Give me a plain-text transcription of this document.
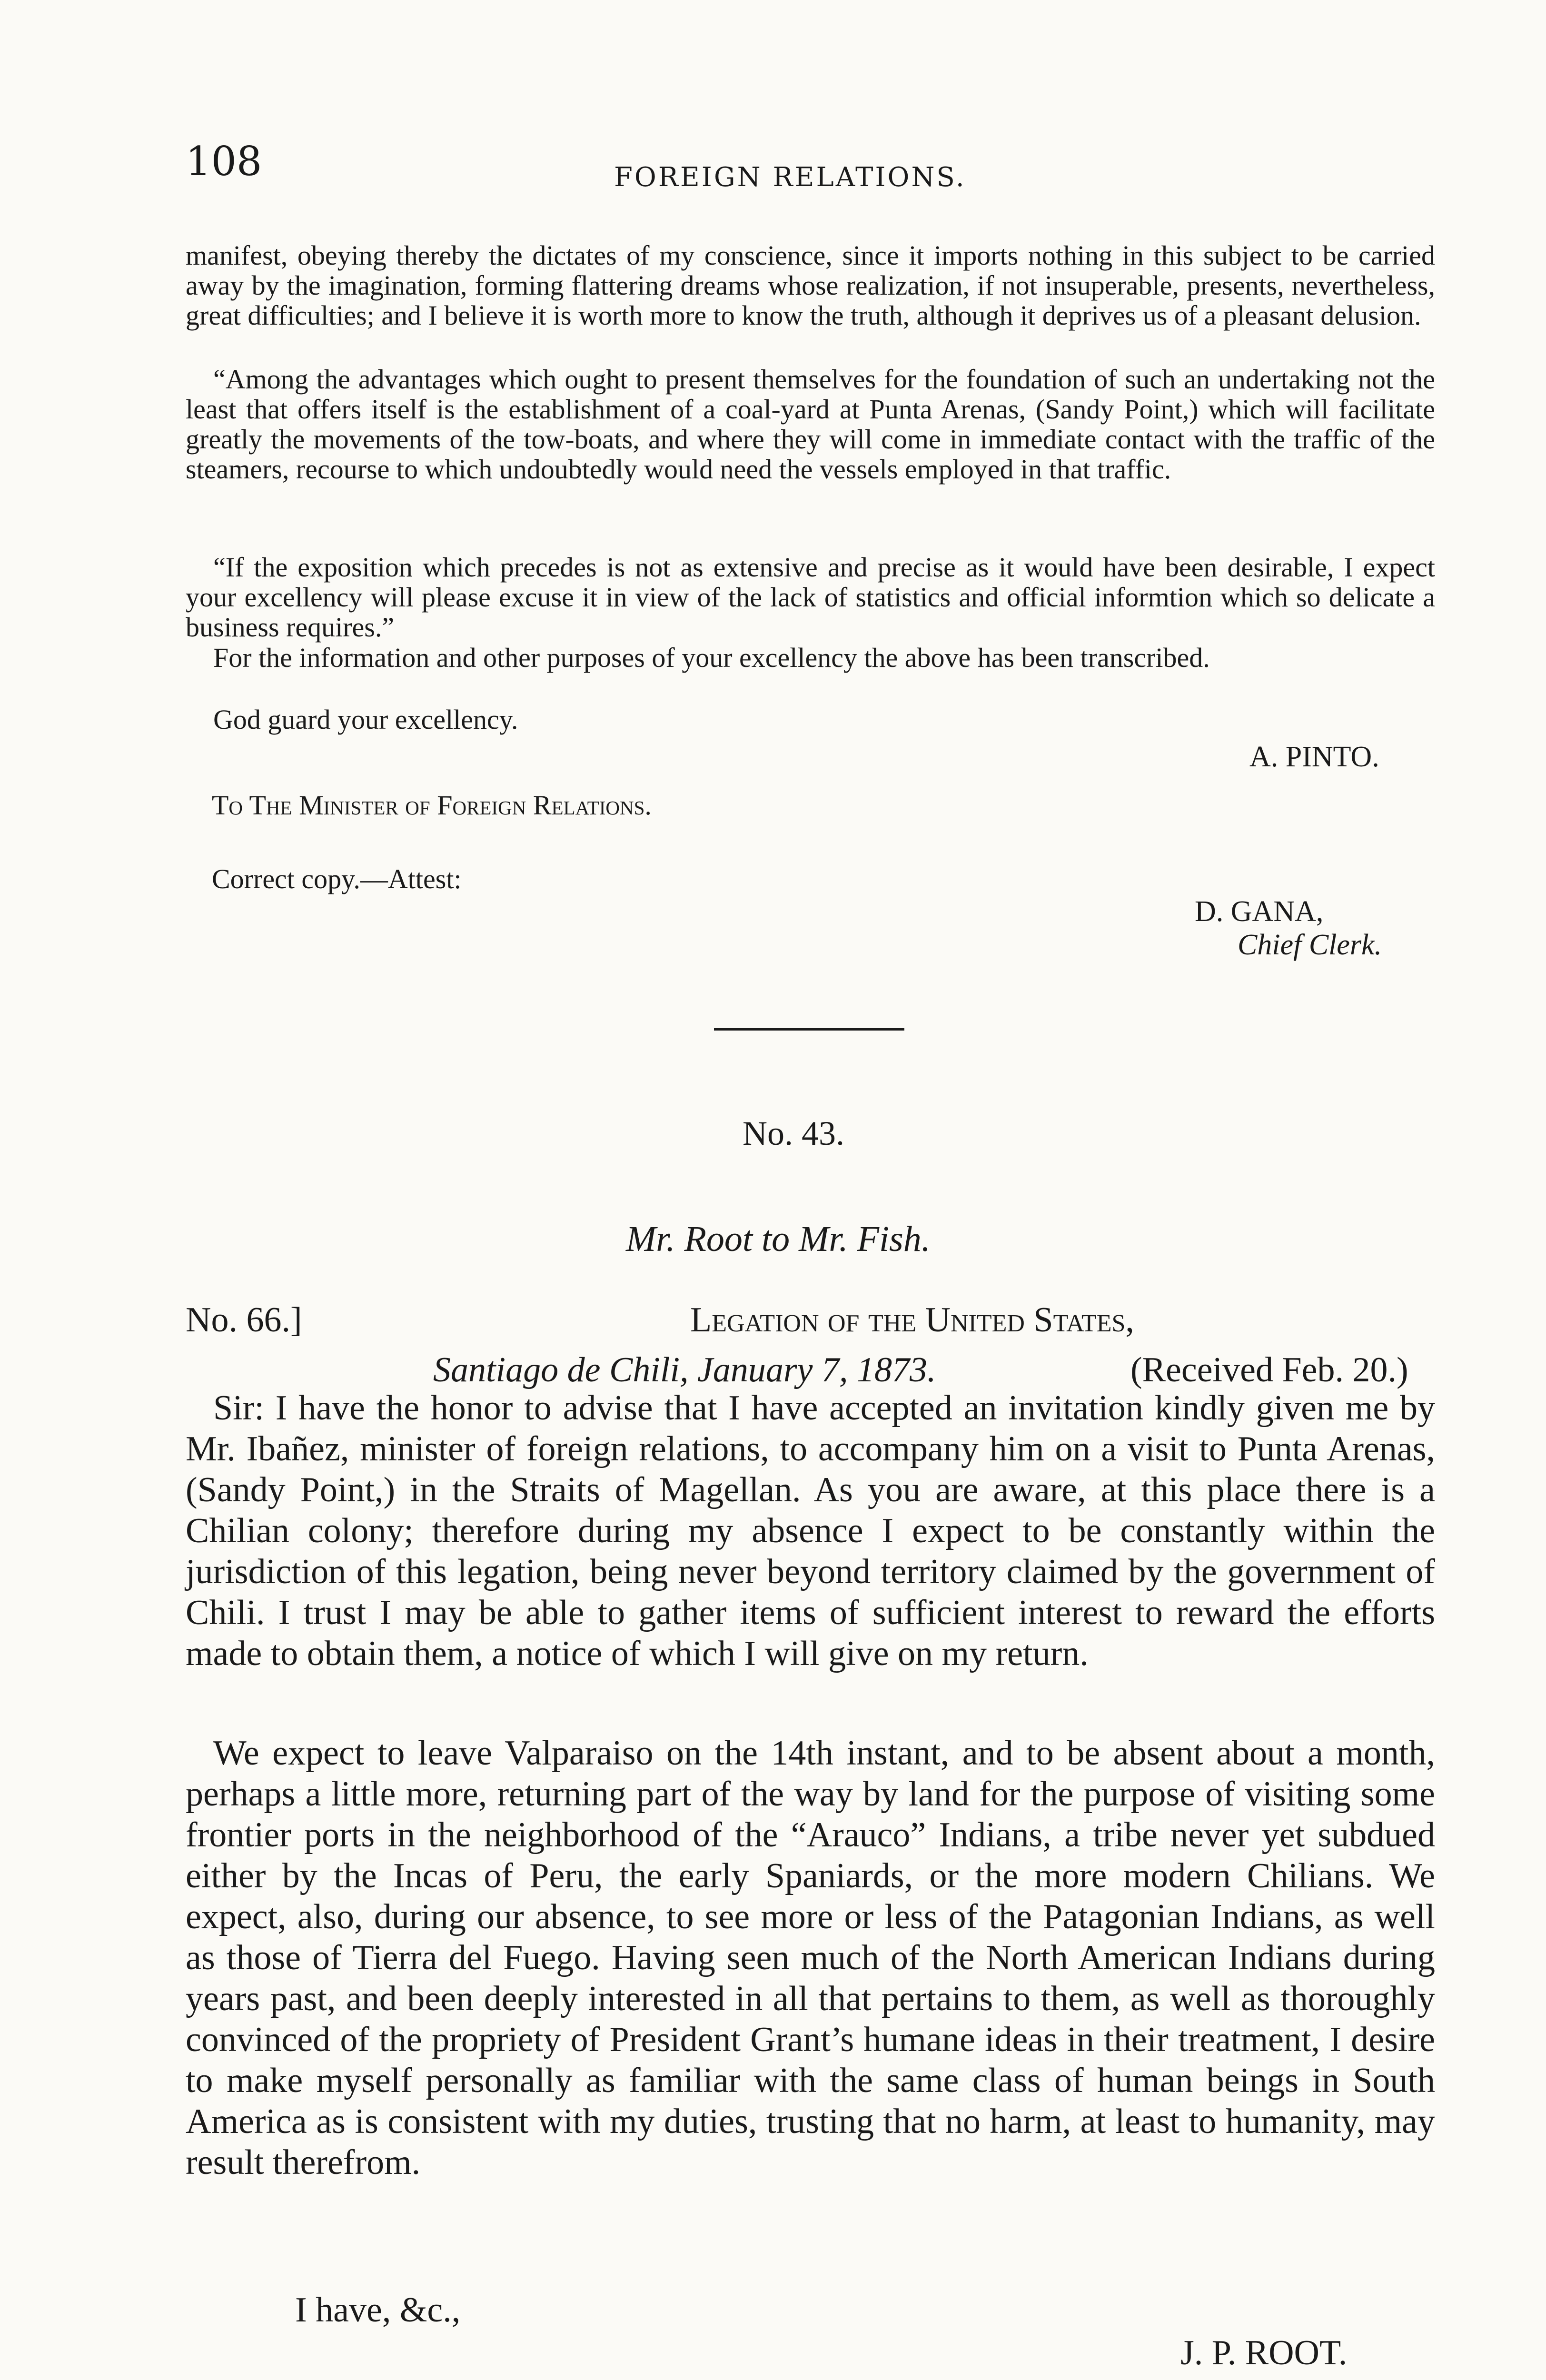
108	FOREIGN RELATIONS.

manifest, obeying thereby the dictates of my conscience, since it imports nothing in this subject to be carried away by the imagination, forming flattering dreams whose realization, if not insuperable, presents, nevertheless, great difficulties; and I believe it is worth more to know the truth, although it deprives us of a pleasant delusion.

“Among the advantages which ought to present themselves for the foundation of such an undertaking not the least that offers itself is the establishment of a coal-yard at Punta Arenas, (Sandy Point,) which will facilitate greatly the movements of the tow-boats, and where they will come in immediate contact with the traffic of the steamers, recourse to which undoubtedly would need the vessels employed in that traffic.

“If the exposition which precedes is not as extensive and precise as it would have been desirable, I expect your excellency will please excuse it in view of the lack of statistics and official informtion which so delicate a business requires.”

For the information and other purposes of your excellency the above has been transcribed.

God guard your excellency.

A. PINTO.
To The Minister of Foreign Relations.
Correct copy.—Attest:
D. GANA,
Chief Clerk.
No. 43.
Mr. Root to Mr. Fish.
No. 66.]	Legation of the United States,
Santiago de Chili, January 7, 1873.	(Received Feb. 20.)

Sir: I have the honor to advise that I have accepted an invitation kindly given me by Mr. Ibañez, minister of foreign relations, to accompany him on a visit to Punta Arenas, (Sandy Point,) in the Straits of Magellan. As you are aware, at this place there is a Chilian colony; therefore during my absence I expect to be constantly within the jurisdiction of this legation, being never beyond territory claimed by the government of Chili. I trust I may be able to gather items of sufficient interest to reward the efforts made to obtain them, a notice of which I will give on my return.

We expect to leave Valparaiso on the 14th instant, and to be absent about a month, perhaps a little more, returning part of the way by land for the purpose of visiting some frontier ports in the neighborhood of the “Arauco” Indians, a tribe never yet subdued either by the Incas of Peru, the early Spaniards, or the more modern Chilians. We expect, also, during our absence, to see more or less of the Patagonian Indians, as well as those of Tierra del Fuego. Having seen much of the North American Indians during years past, and been deeply interested in all that pertains to them, as well as thoroughly convinced of the propriety of President Grant’s humane ideas in their treatment, I desire to make myself personally as familiar with the same class of human beings in South America as is consistent with my duties, trusting that no harm, at least to humanity, may result therefrom.

I have, &c.,
J. P. ROOT.
